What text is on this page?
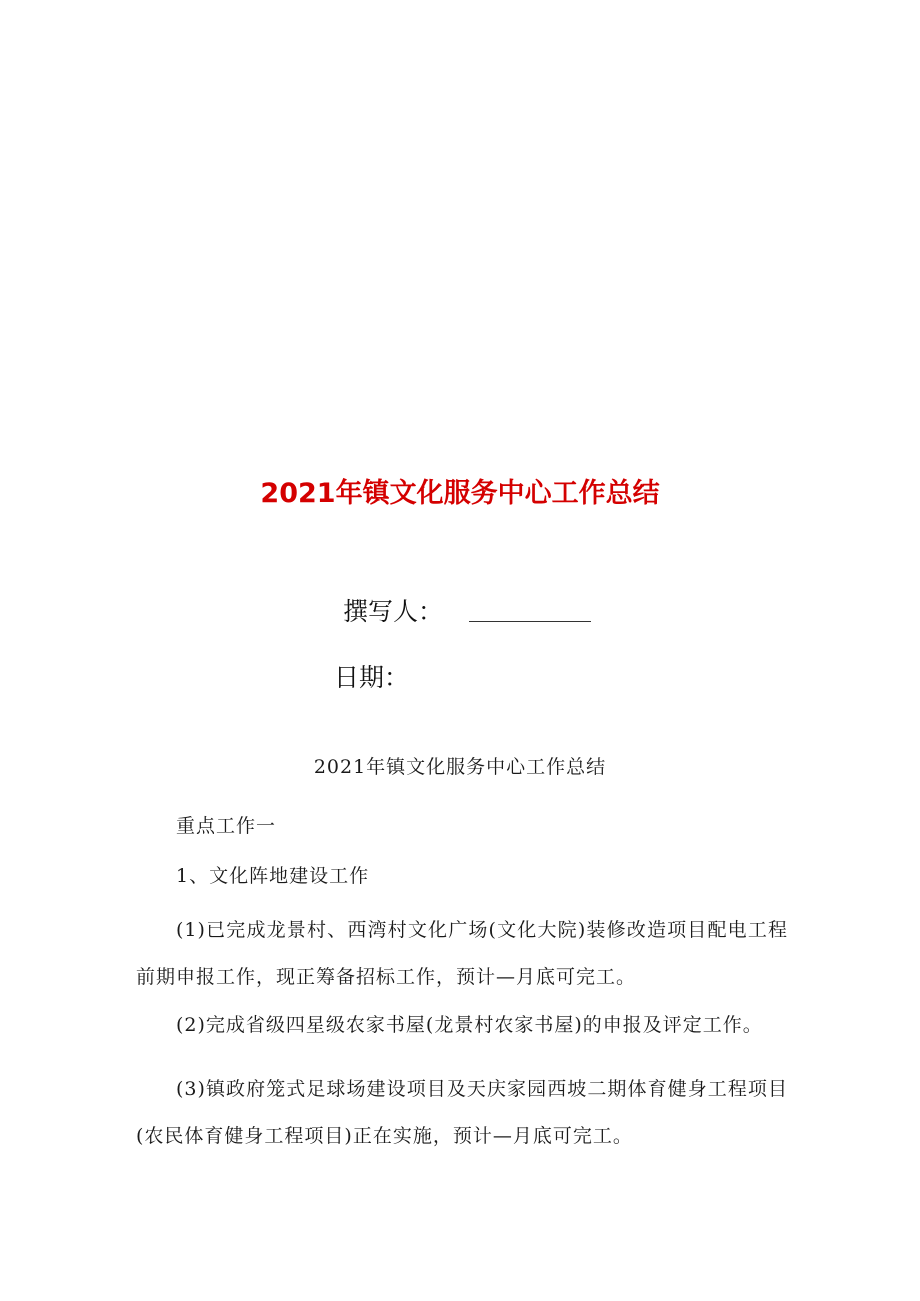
2021年镇文化服务中心工作总结
撰写人：
日期：
2021年镇文化服务中心工作总结
重点工作一
1、文化阵地建设工作
(1)已完成龙景村、西湾村文化广场(文化大院)装修改造项目配电工程前期申报工作，现正筹备招标工作，预计—月底可完工。
(2)完成省级四星级农家书屋(龙景村农家书屋)的申报及评定工作。
(3)镇政府笼式足球场建设项目及天庆家园西坡二期体育健身工程项目(农民体育健身工程项目)正在实施，预计—月底可完工。
